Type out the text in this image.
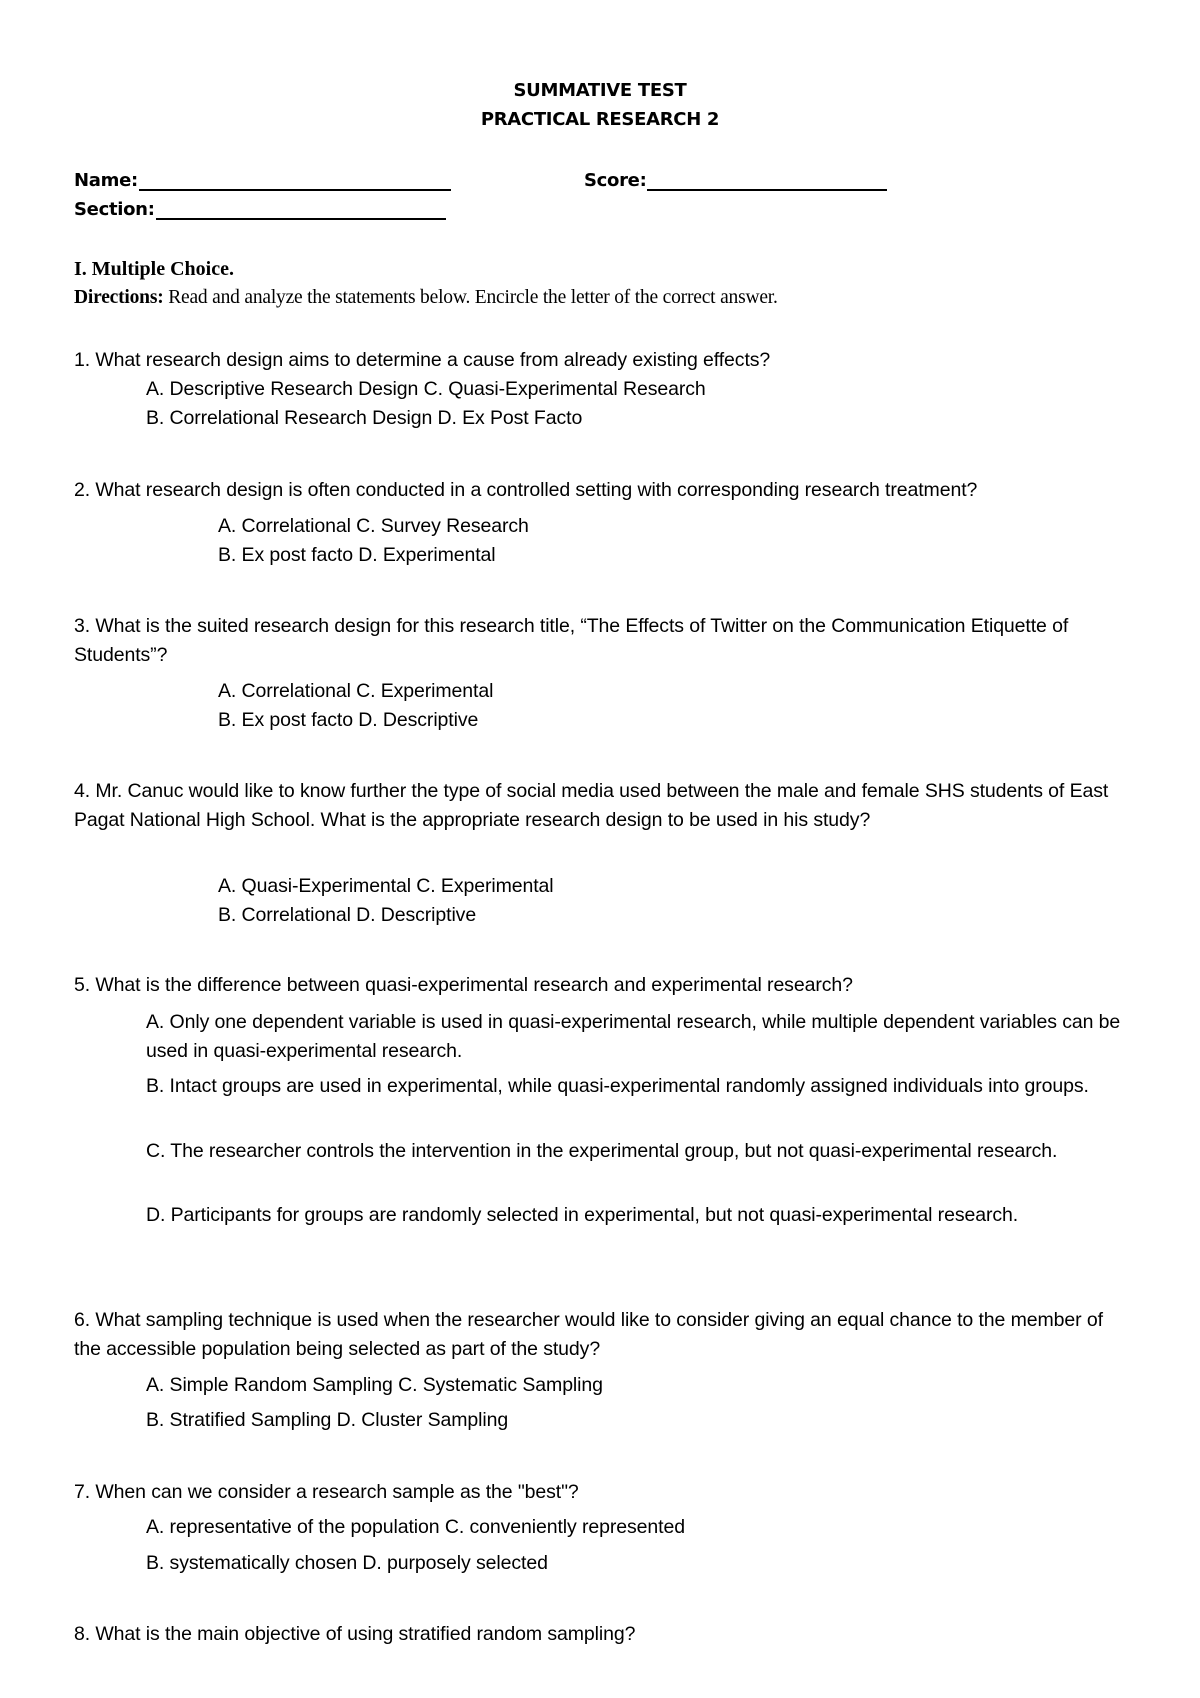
SUMMATIVE TEST
PRACTICAL RESEARCH 2
Name:	Score:
Section:
I. Multiple Choice.
Directions: Read and analyze the statements below. Encircle the letter of the correct answer.
1. What research design aims to determine a cause from already existing effects?
A. Descriptive Research Design C. Quasi-Experimental Research
B. Correlational Research Design D. Ex Post Facto
2. What research design is often conducted in a controlled setting with corresponding research treatment?
A. Correlational C. Survey Research
B. Ex post facto D. Experimental
3. What is the suited research design for this research title, “The Effects of Twitter on the Communication Etiquette of Students”?
A. Correlational C. Experimental
B. Ex post facto D. Descriptive
4. Mr. Canuc would like to know further the type of social media used between the male and female SHS students of East Pagat National High School. What is the appropriate research design to be used in his study?
A. Quasi-Experimental C. Experimental
B. Correlational D. Descriptive
5. What is the difference between quasi-experimental research and experimental research?
A. Only one dependent variable is used in quasi-experimental research, while multiple dependent variables can be used in quasi-experimental research.
B. Intact groups are used in experimental, while quasi-experimental randomly assigned individuals into groups.
C. The researcher controls the intervention in the experimental group, but not quasi-experimental research.
D. Participants for groups are randomly selected in experimental, but not quasi-experimental research.
6. What sampling technique is used when the researcher would like to consider giving an equal chance to the member of the accessible population being selected as part of the study?
A. Simple Random Sampling C. Systematic Sampling
B. Stratified Sampling D. Cluster Sampling
7. When can we consider a research sample as the "best"?
A. representative of the population C. conveniently represented
B. systematically chosen D. purposely selected
8. What is the main objective of using stratified random sampling?
